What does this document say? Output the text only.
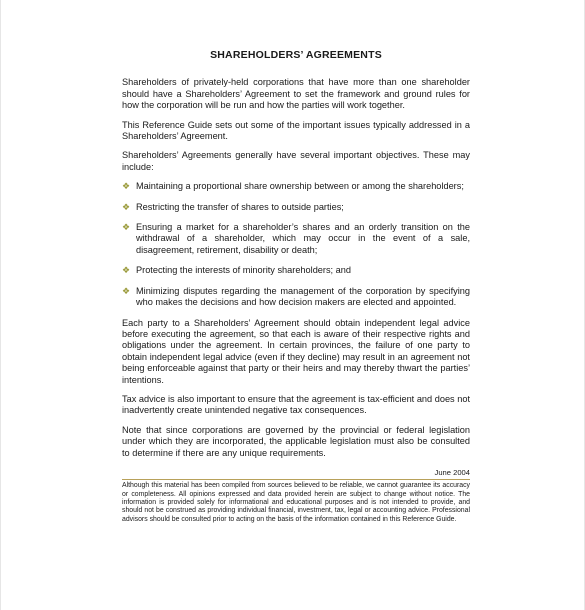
SHAREHOLDERS’ AGREEMENTS

Shareholders of privately-held corporations that have more than one shareholder should have a Shareholders’ Agreement to set the framework and ground rules for how the corporation will be run and how the parties will work together.

This Reference Guide sets out some of the important issues typically addressed in a Shareholders’ Agreement.

Shareholders’ Agreements generally have several important objectives. These may include:

❖ Maintaining a proportional share ownership between or among the shareholders;
❖ Restricting the transfer of shares to outside parties;
❖ Ensuring a market for a shareholder’s shares and an orderly transition on the withdrawal of a shareholder, which may occur in the event of a sale, disagreement, retirement, disability or death;
❖ Protecting the interests of minority shareholders; and
❖ Minimizing disputes regarding the management of the corporation by specifying who makes the decisions and how decision makers are elected and appointed.

Each party to a Shareholders’ Agreement should obtain independent legal advice before executing the agreement, so that each is aware of their respective rights and obligations under the agreement. In certain provinces, the failure of one party to obtain independent legal advice (even if they decline) may result in an agreement not being enforceable against that party or their heirs and may thereby thwart the parties’ intentions.

Tax advice is also important to ensure that the agreement is tax-efficient and does not inadvertently create unintended negative tax consequences.

Note that since corporations are governed by the provincial or federal legislation under which they are incorporated, the applicable legislation must also be consulted to determine if there are any unique requirements.

June 2004
Although this material has been compiled from sources believed to be reliable, we cannot guarantee its accuracy or completeness. All opinions expressed and data provided herein are subject to change without notice. The information is provided solely for informational and educational purposes and is not intended to provide, and should not be construed as providing individual financial, investment, tax, legal or accounting advice. Professional advisors should be consulted prior to acting on the basis of the information contained in this Reference Guide.
